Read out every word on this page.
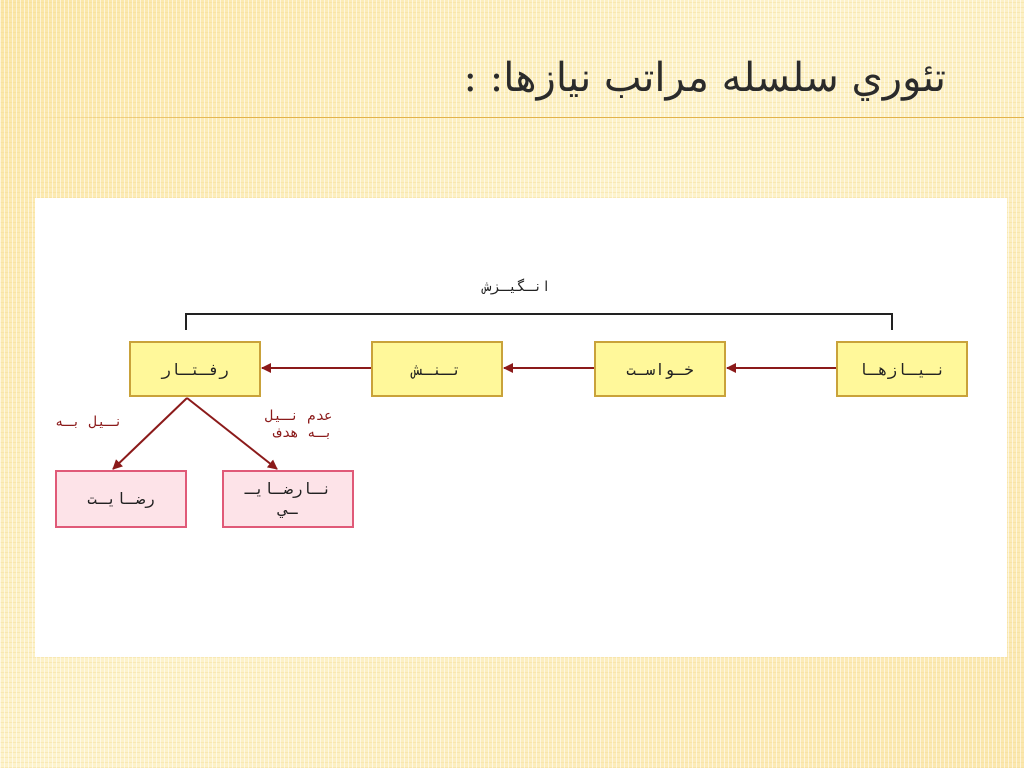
تئوري سلسله مراتب نيازها: :
انـگيـزش
نـيـازهـا
خـواسـت
تـنـش
رفـتـار
رضـايـت
نـارضـايـ
ـي
نـيل بـه	عدم نـيل
بـه هدف
